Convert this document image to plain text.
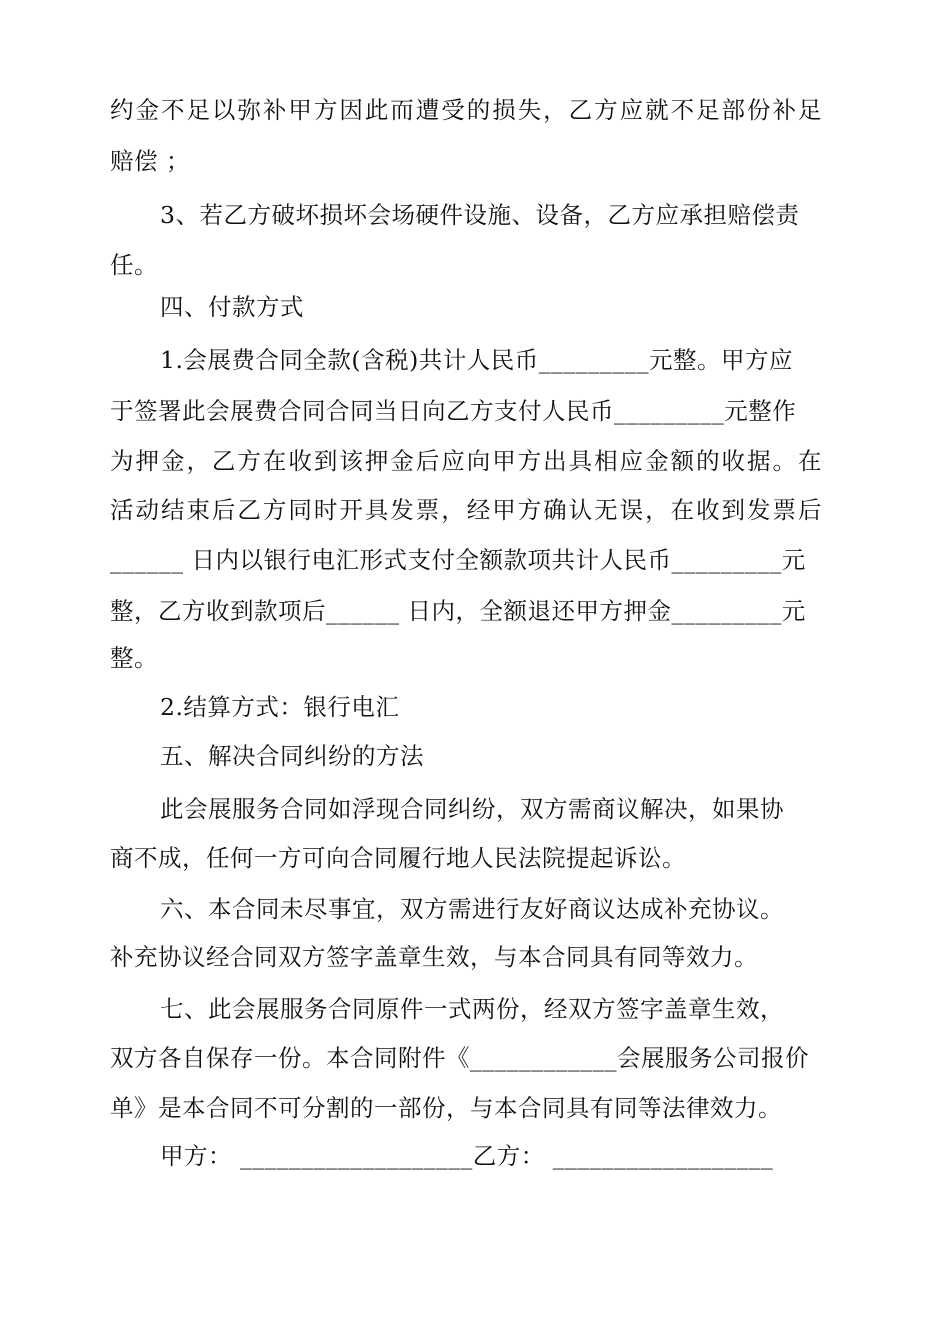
约金不足以弥补甲方因此而遭受的损失，乙方应就不足部份补足
赔偿 ；
3、若乙方破坏损坏会场硬件设施、设备，乙方应承担赔偿责
任。
四、付款方式
1.会展费合同全款(含税)共计人民币_________元整。甲方应
于签署此会展费合同合同当日向乙方支付人民币_________元整作
为押金，乙方在收到该押金后应向甲方出具相应金额的收据。在
活动结束后乙方同时开具发票，经甲方确认无误，在收到发票后
______ 日内以银行电汇形式支付全额款项共计人民币_________元
整，乙方收到款项后______ 日内，全额退还甲方押金_________元
整。
2.结算方式：银行电汇
五、解决合同纠纷的方法
此会展服务合同如浮现合同纠纷，双方需商议解决，如果协
商不成，任何一方可向合同履行地人民法院提起诉讼。
六、本合同未尽事宜，双方需进行友好商议达成补充协议。
补充协议经合同双方签字盖章生效，与本合同具有同等效力。
七、此会展服务合同原件一式两份，经双方签字盖章生效，
双方各自保存一份。本合同附件《____________会展服务公司报价
单》是本合同不可分割的一部份，与本合同具有同等法律效力。
甲方： ___________________乙方： __________________
